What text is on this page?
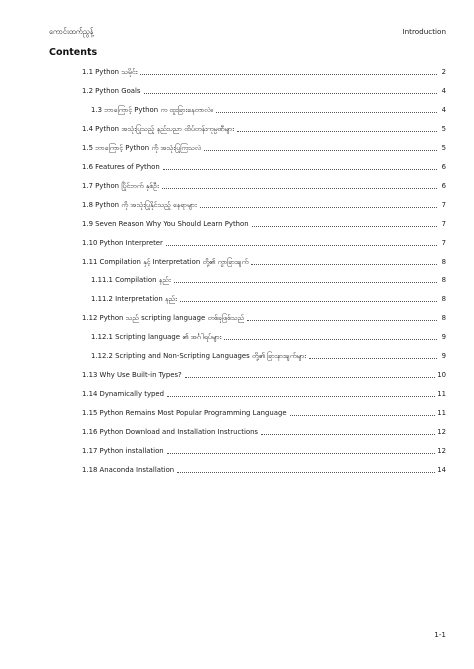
ကောင်းထက်ညွန့်	Introduction
Contents
1.1 Python သမိုင်း	2
1.2 Python Goals	4
1.3 ဘာကြောင့် Python က ထူးခြားနေတာလဲ။	4
1.4 Python အသုံးပြုသည့် နည်းပညာ ထိပ်တန်းကုမ္ပဏီများ	5
1.5 ဘာကြောင့် Python ကို အသုံးပြုကြသလဲ	5
1.6 Features of Python	6
1.7 Python ပြိုင်ဘက် နှစ်ဦး	6
1.8 Python ကို အသုံးပြုနိုင်သည့် နေရာများ	7
1.9 Seven Reason Why You Should Learn Python	7
1.10 Python Interpreter	7
1.11 Compilation နှင့် Interpretation တို့၏ ကွာခြားချက်	8
1.11.1 Compilation နည်း	8
1.11.2 Interpretation နည်း	8
1.12 Python သည် scripting language တစ်ခုဖြစ်သည်	8
1.12.1 Scripting language ၏ အင်္ဂါရပ်များ	9
1.12.2 Scripting and Non-Scripting Languages တို့၏ ခြားနားချက်များ	9
1.13 Why Use Built-in Types?	10
1.14 Dynamically typed	11
1.15 Python Remains Most Popular Programming Language	11
1.16 Python Download and Installation Instructions	12
1.17 Python installation	12
1.18 Anaconda Installation	14
1-1
